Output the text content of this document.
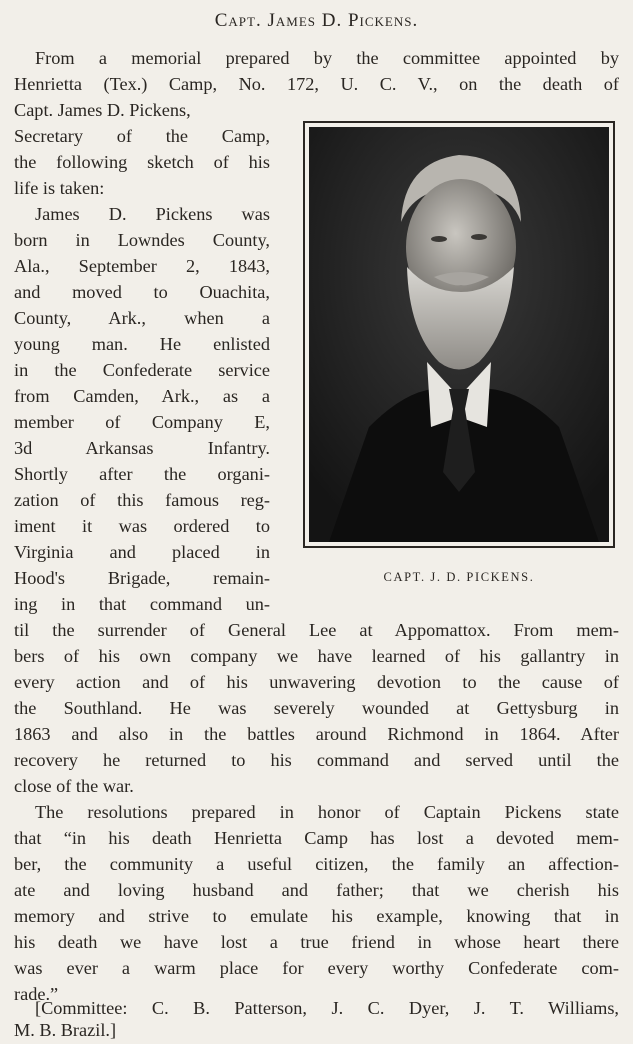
Capt. James D. Pickens.
From a memorial prepared by the committee appointed by
Henrietta (Tex.) Camp, No. 172, U. C. V., on the death of
Capt. James D. Pickens,
Secretary of the Camp,
the following sketch of his
life is taken:
James D. Pickens was
born in Lowndes County,
Ala., September 2, 1843,
and moved to Ouachita,
County, Ark., when a
young man. He enlisted
in the Confederate service
from Camden, Ark., as a
member of Company E,
3d Arkansas Infantry.
Shortly after the organi-
zation of this famous reg-
iment it was ordered to
Virginia and placed in
Hood's Brigade, remain-
ing in that command un-
til the surrender of General Lee at Appomattox. From mem-
bers of his own company we have learned of his gallantry in
every action and of his unwavering devotion to the cause of
the Southland. He was severely wounded at Gettysburg in
1863 and also in the battles around Richmond in 1864. After
recovery he returned to his command and served until the
close of the war.
The resolutions prepared in honor of Captain Pickens state
that “in his death Henrietta Camp has lost a devoted mem-
ber, the community a useful citizen, the family an affection-
ate and loving husband and father; that we cherish his
memory and strive to emulate his example, knowing that in
his death we have lost a true friend in whose heart there
was ever a warm place for every worthy Confederate com-
rade.”
[Committee: C. B. Patterson, J. C. Dyer, J. T. Williams,
CAPT. J. D. PICKENS.
M. B. Brazil.]
